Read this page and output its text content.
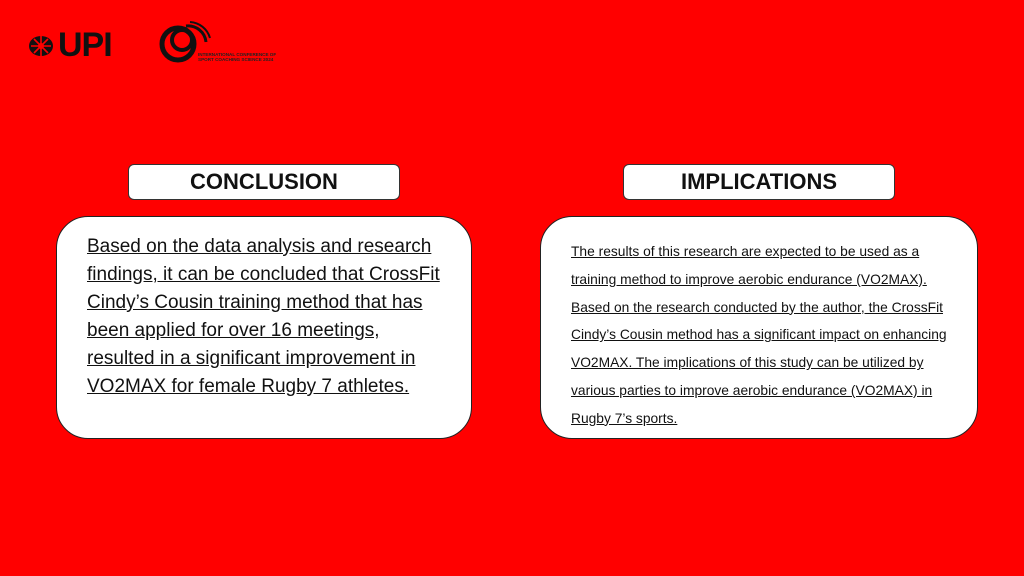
UPI	INTERNATIONAL CONFERENCE OF SPORT COACHING SCIENCE 2024
CONCLUSION	IMPLICATIONS
Based on the data analysis and research findings, it can be concluded that CrossFit Cindy’s Cousin training method that has been applied for over 16 meetings, resulted in a significant improvement in VO2MAX for female Rugby 7 athletes.
The results of this research are expected to be used as a training method to improve aerobic endurance (VO2MAX). Based on the research conducted by the author, the CrossFit Cindy’s Cousin method has a significant impact on enhancing VO2MAX. The implications of this study can be utilized by various parties to improve aerobic endurance (VO2MAX) in Rugby 7’s sports.
